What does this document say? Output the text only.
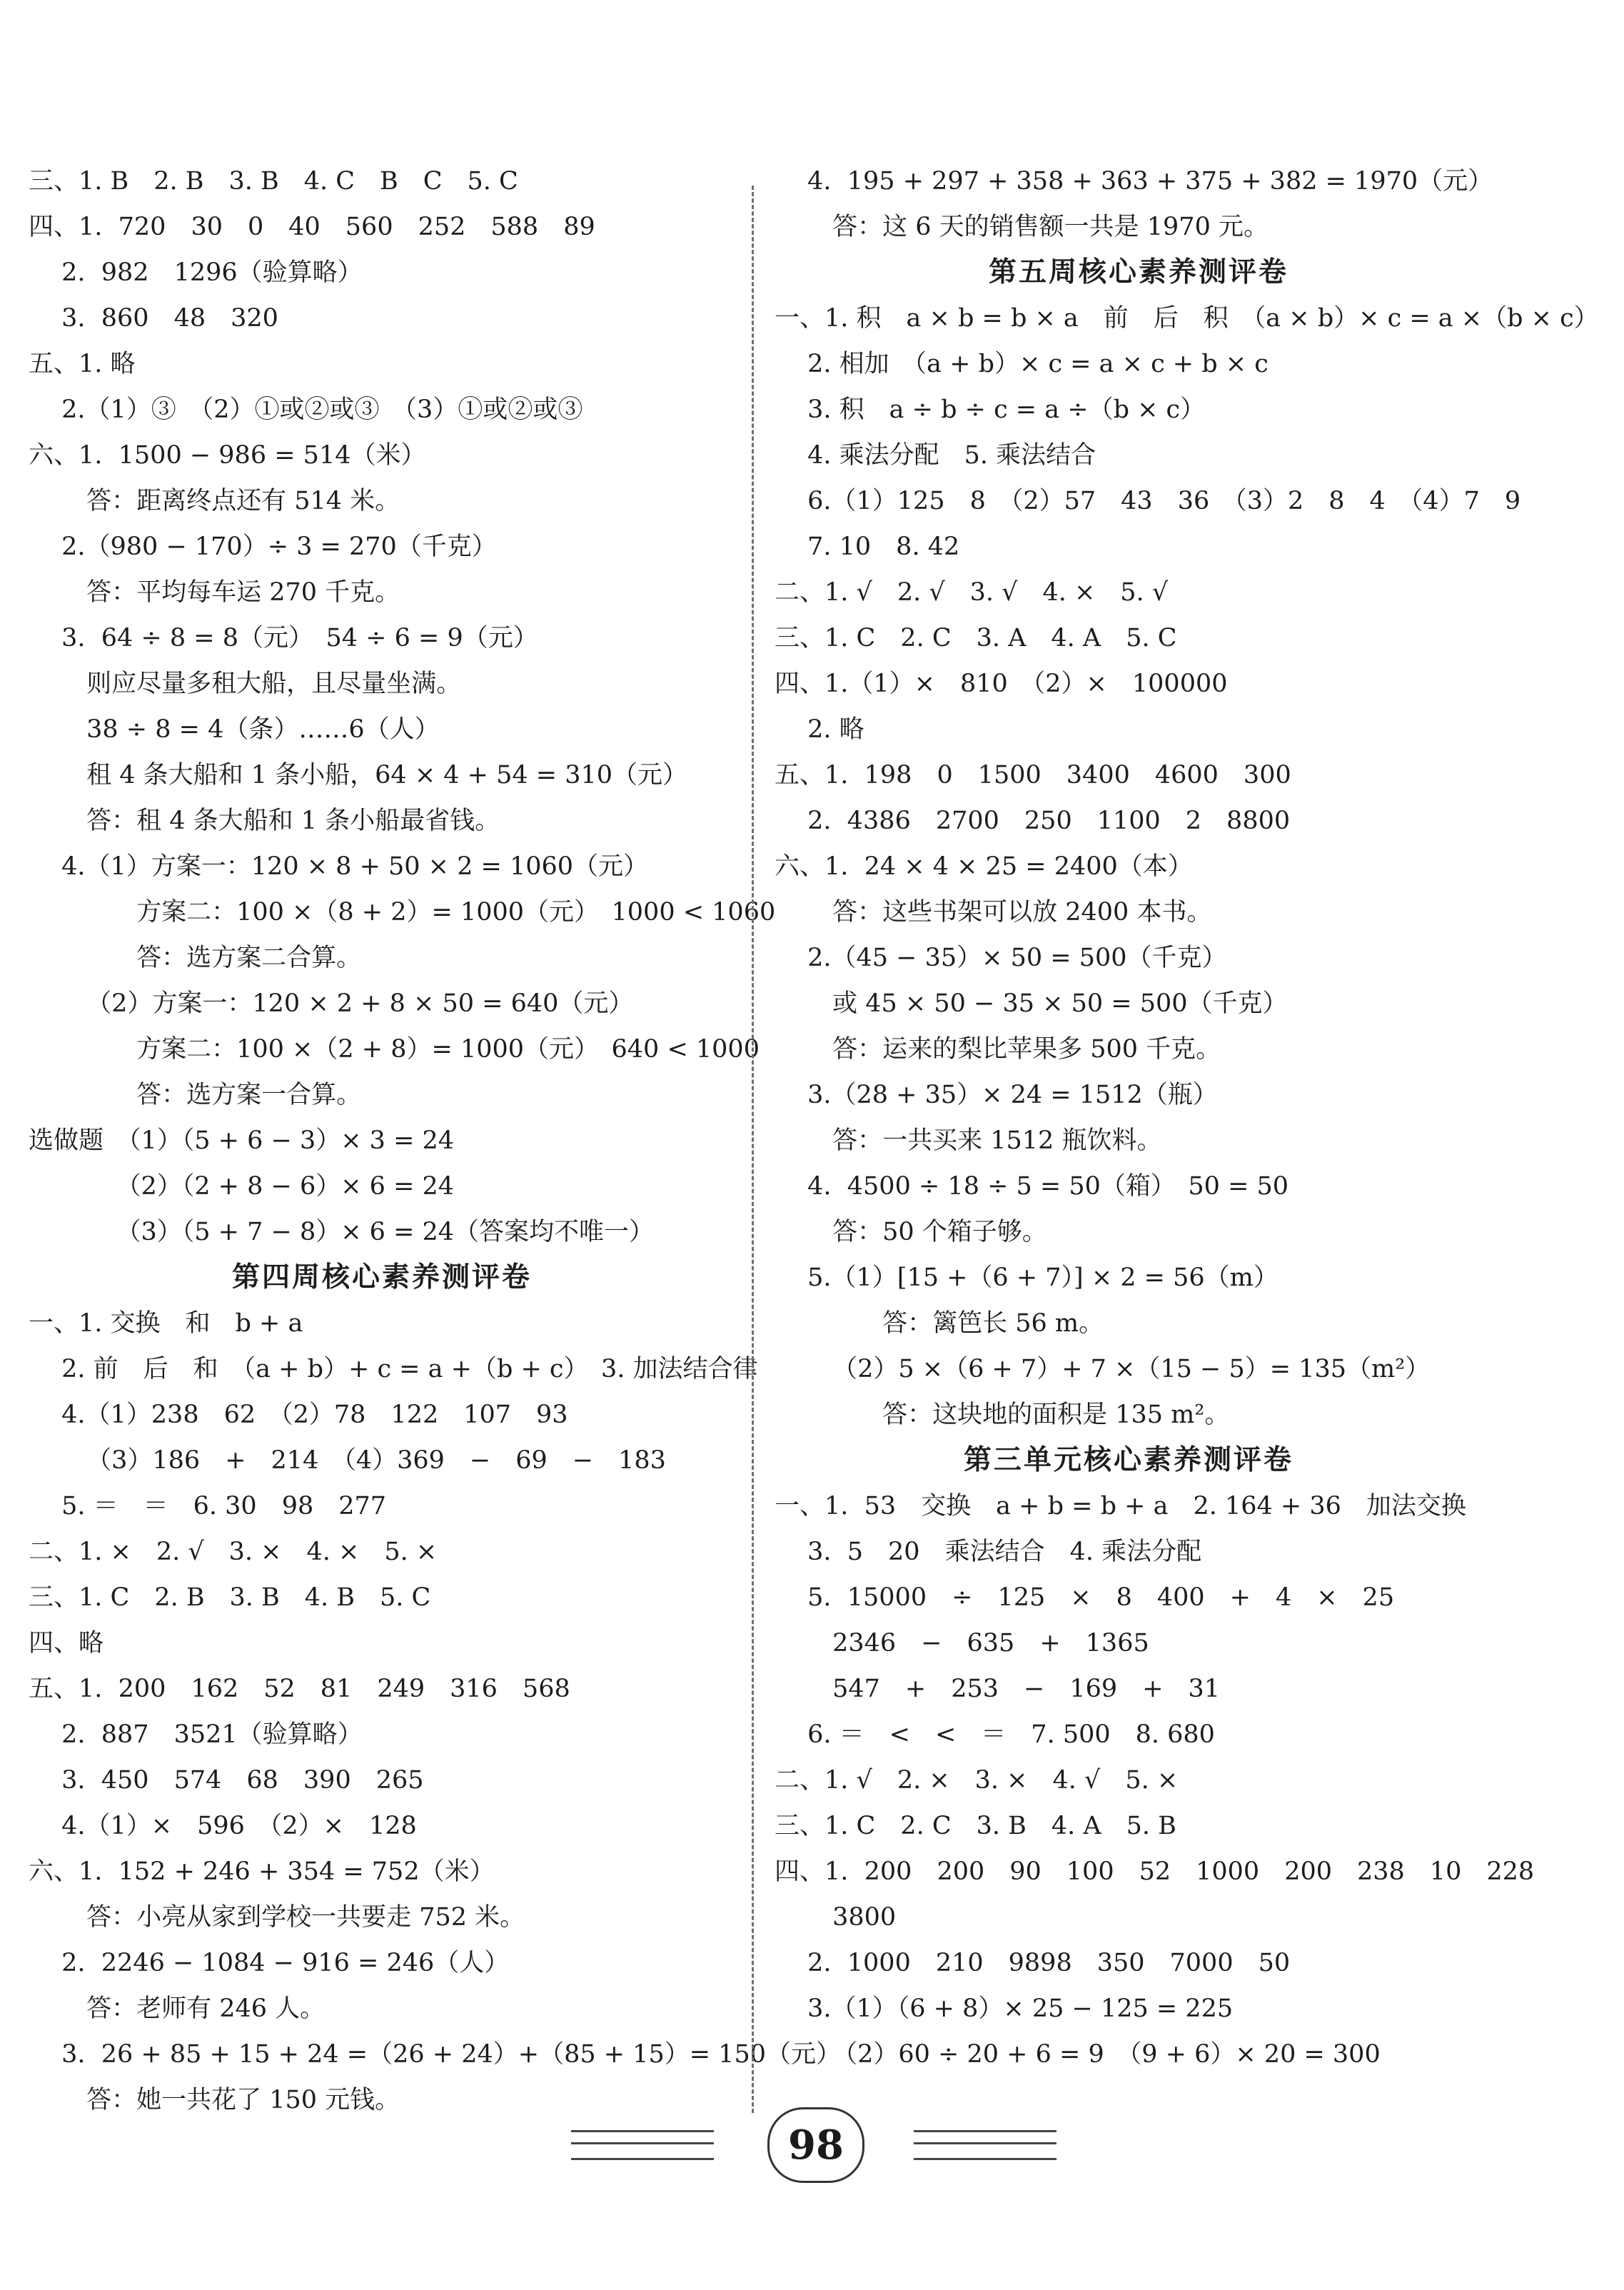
三、1. B　2. B　3. B　4. C　B　C　5. C
四、1.  720　30　0　40　560　252　588　89
　 2.  982　1296（验算略）
　 3.  860　48　320
五、1. 略
　 2.（1）③　（2）①或②或③　（3）①或②或③
六、1.  1500 − 986 = 514（米）
　　 答：距离终点还有 514 米。
　 2.（980 − 170）÷ 3 = 270（千克）
　　 答：平均每车运 270 千克。
　 3.  64 ÷ 8 = 8（元）　54 ÷ 6 = 9（元）
　　 则应尽量多租大船，且尽量坐满。
　　 38 ÷ 8 = 4（条）……6（人）
　　 租 4 条大船和 1 条小船，64 × 4 + 54 = 310（元）
　　 答：租 4 条大船和 1 条小船最省钱。
　 4.（1）方案一：120 × 8 + 50 × 2 = 1060（元）
　　　　 方案二：100 ×（8 + 2）= 1000（元）　1000 < 1060
　　　　 答：选方案二合算。
　　 （2）方案一：120 × 2 + 8 × 50 = 640（元）
　　　　 方案二：100 ×（2 + 8）= 1000（元）　640 < 1000
　　　　 答：选方案一合算。
选做题　（1）（5 + 6 − 3）× 3 = 24
　　　　（2）（2 + 8 − 6）× 6 = 24
　　　　（3）（5 + 7 − 8）× 6 = 24（答案均不唯一）
第四周核心素养测评卷
一、1. 交换　和　b + a
　 2. 前　后　和　（a + b）+ c = a +（b + c）　3. 加法结合律
　 4.（1）238　62　（2）78　122　107　93
　　 （3）186　+　214　（4）369　−　69　−　183
　 5. ＝　＝　6. 30　98　277
二、1. ×　2. √　3. ×　4. ×　5. ×
三、1. C　2. B　3. B　4. B　5. C
四、略
五、1.  200　162　52　81　249　316　568
　 2.  887　3521（验算略）
　 3.  450　574　68　390　265
　 4.（1）×　596　（2）×　128
六、1.  152 + 246 + 354 = 752（米）
　　 答：小亮从家到学校一共要走 752 米。
　 2.  2246 − 1084 − 916 = 246（人）
　　 答：老师有 246 人。
　 3.  26 + 85 + 15 + 24 =（26 + 24）+（85 + 15）= 150（元）
　　 答：她一共花了 150 元钱。
　 4.  195 + 297 + 358 + 363 + 375 + 382 = 1970（元）
　　 答：这 6 天的销售额一共是 1970 元。
第五周核心素养测评卷
一、1. 积　a × b = b × a　前　后　积　（a × b）× c = a ×（b × c）
　 2. 相加　（a + b）× c = a × c + b × c
　 3. 积　a ÷ b ÷ c = a ÷（b × c）
　 4. 乘法分配　5. 乘法结合
　 6.（1）125　8　（2）57　43　36　（3）2　8　4　（4）7　9
　 7. 10　8. 42
二、1. √　2. √　3. √　4. ×　5. √
三、1. C　2. C　3. A　4. A　5. C
四、1.（1）×　810　（2）×　100000
　 2. 略
五、1.  198　0　1500　3400　4600　300
　 2.  4386　2700　250　1100　2　8800
六、1.  24 × 4 × 25 = 2400（本）
　　 答：这些书架可以放 2400 本书。
　 2.（45 − 35）× 50 = 500（千克）
　　 或 45 × 50 − 35 × 50 = 500（千克）
　　 答：运来的梨比苹果多 500 千克。
　 3.（28 + 35）× 24 = 1512（瓶）
　　 答：一共买来 1512 瓶饮料。
　 4.  4500 ÷ 18 ÷ 5 = 50（箱）　50 = 50
　　 答：50 个箱子够。
　 5.（1）[15 +（6 + 7）] × 2 = 56（m）
　　　　 答：篱笆长 56 m。
　　 （2）5 ×（6 + 7）+ 7 ×（15 − 5）= 135（m²）
　　　　 答：这块地的面积是 135 m²。
第三单元核心素养测评卷
一、1.  53　交换　a + b = b + a　2. 164 + 36　加法交换
　 3.  5　20　乘法结合　4. 乘法分配
　 5.  15000　÷　125　×　8　400　+　4　×　25
　　 2346　−　635　+　1365
　　 547　+　253　−　169　+　31
　 6. ＝　<　<　＝　7. 500　8. 680
二、1. √　2. ×　3. ×　4. √　5. ×
三、1. C　2. C　3. B　4. A　5. B
四、1.  200　200　90　100　52　1000　200　238　10　228
　　 3800
　 2.  1000　210　9898　350　7000　50
　 3.（1）（6 + 8）× 25 − 125 = 225
　　 （2）60 ÷ 20 + 6 = 9　（9 + 6）× 20 = 300
98
